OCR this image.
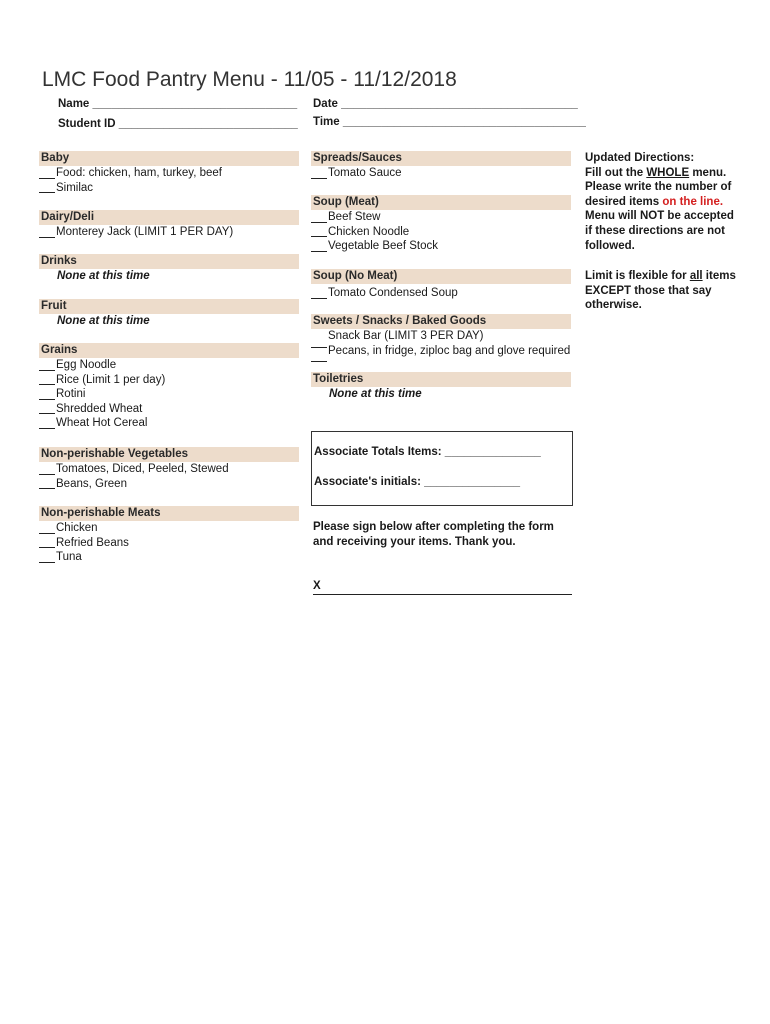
LMC Food Pantry Menu - 11/05 - 11/12/2018
Name ________________________________ Date _____________________________________
Student ID ____________________________ Time ______________________________________
Baby
Food: chicken, ham, turkey, beef
Similac
Dairy/Deli
Monterey Jack (LIMIT 1 PER DAY)
Drinks
None at this time
Fruit
None at this time
Grains
Egg Noodle
Rice (Limit 1 per day)
Rotini
Shredded Wheat
Wheat Hot Cereal
Non-perishable Vegetables
Tomatoes, Diced, Peeled, Stewed
Beans, Green
Non-perishable Meats
Chicken
Refried Beans
Tuna
Spreads/Sauces
Tomato Sauce
Soup (Meat)
Beef Stew
Chicken Noodle
Vegetable Beef Stock
Soup (No Meat)
Tomato Condensed Soup
Sweets / Snacks / Baked Goods
Snack Bar (LIMIT 3 PER DAY)
Pecans, in fridge, ziploc bag and glove required
Toiletries
None at this time
Associate Totals Items: _______________
Associate's initials: _______________
Please sign below after completing the form and receiving your items. Thank you.
X
Updated Directions:
Fill out the WHOLE menu. Please write the number of desired items on the line. Menu will NOT be accepted if these directions are not followed.
Limit is flexible for all items EXCEPT those that say otherwise.
